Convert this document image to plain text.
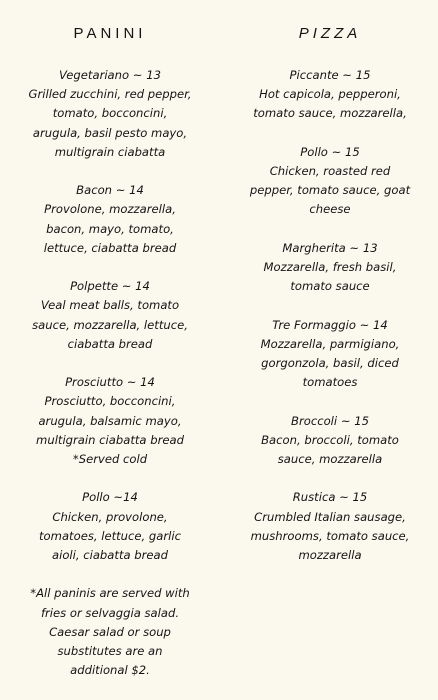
PANINI
Vegetariano ~ 13
Grilled zucchini, red pepper,
tomato, bocconcini,
arugula, basil pesto mayo,
multigrain ciabatta
Bacon ~ 14
Provolone, mozzarella,
bacon, mayo, tomato,
lettuce, ciabatta bread
Polpette ~ 14
Veal meat balls, tomato
sauce, mozzarella, lettuce,
ciabatta bread
Prosciutto ~ 14
Prosciutto, bocconcini,
arugula, balsamic mayo,
multigrain ciabatta bread
*Served cold
Pollo ~14
Chicken, provolone,
tomatoes, lettuce, garlic
aioli, ciabatta bread
*All paninis are served with
fries or selvaggia salad.
Caesar salad or soup
substitutes are an
additional $2.
PIZZA
Piccante ~ 15
Hot capicola, pepperoni,
tomato sauce, mozzarella,
Pollo ~ 15
Chicken, roasted red
pepper, tomato sauce, goat
cheese
Margherita ~ 13
Mozzarella, fresh basil,
tomato sauce
Tre Formaggio ~ 14
Mozzarella, parmigiano,
gorgonzola, basil, diced
tomatoes
Broccoli ~ 15
Bacon, broccoli, tomato
sauce, mozzarella
Rustica ~ 15
Crumbled Italian sausage,
mushrooms, tomato sauce,
mozzarella
